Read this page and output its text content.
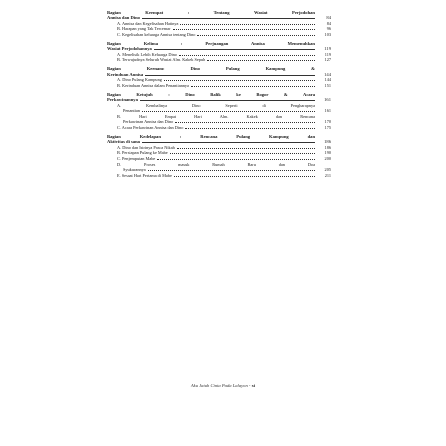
Bagian Keempat : Tentang Wasiat Perjodohan
Annisa dan Dino	84
A. Annisa dan Kegelisahan Hatinya	84
B. Harapan yang Tak Tercemar	96
C. Kegelisahan keluarga Annisa tentang Dino	103
Bagian Kelima : Perjuangan Annisa Memenuhkan
Wasiat Perjodohannya	119
A. Menelisik Lebih Keluarga Dino	119
B. Terwujudnya Seluruh Wasiat Alm. Kakek Sepuh	127
Bagian Keenam: Dino Pulang Kampung &
Kerinduan Annisa	144
A. Dino Pulang Kampung	144
B. Kerinduan Annisa dalam Penantiannya	151
Bagian Ketujuh : Dino Balik ke Bogor & Acara
Perkawinannya	161
A. Kembalinya Dino Seperti di Pengharapnya
Penantian	161
B. Hari Empat Hari Alm. Kakek dan Rencana
Perkawinan Annisa dan Dino	170
C. Acara Perkawinan Annisa dan Dino	175
Bagian Kedelapan : Rencana Pulang Kampung dan
Aktivitas di sana	186
A. Dino dan Istrinya Pasca Nikah	186
B. Persiapan Pulang ke Mabe	190
C. Penjemputan Mabe	200
D. Proses masuk Rumah Baru dan Doa
Syukurannya	205
E. Sesaat Hari Pertama di Mabe	211
Aku Jatuh Cinta Pada Lalayon - xi
